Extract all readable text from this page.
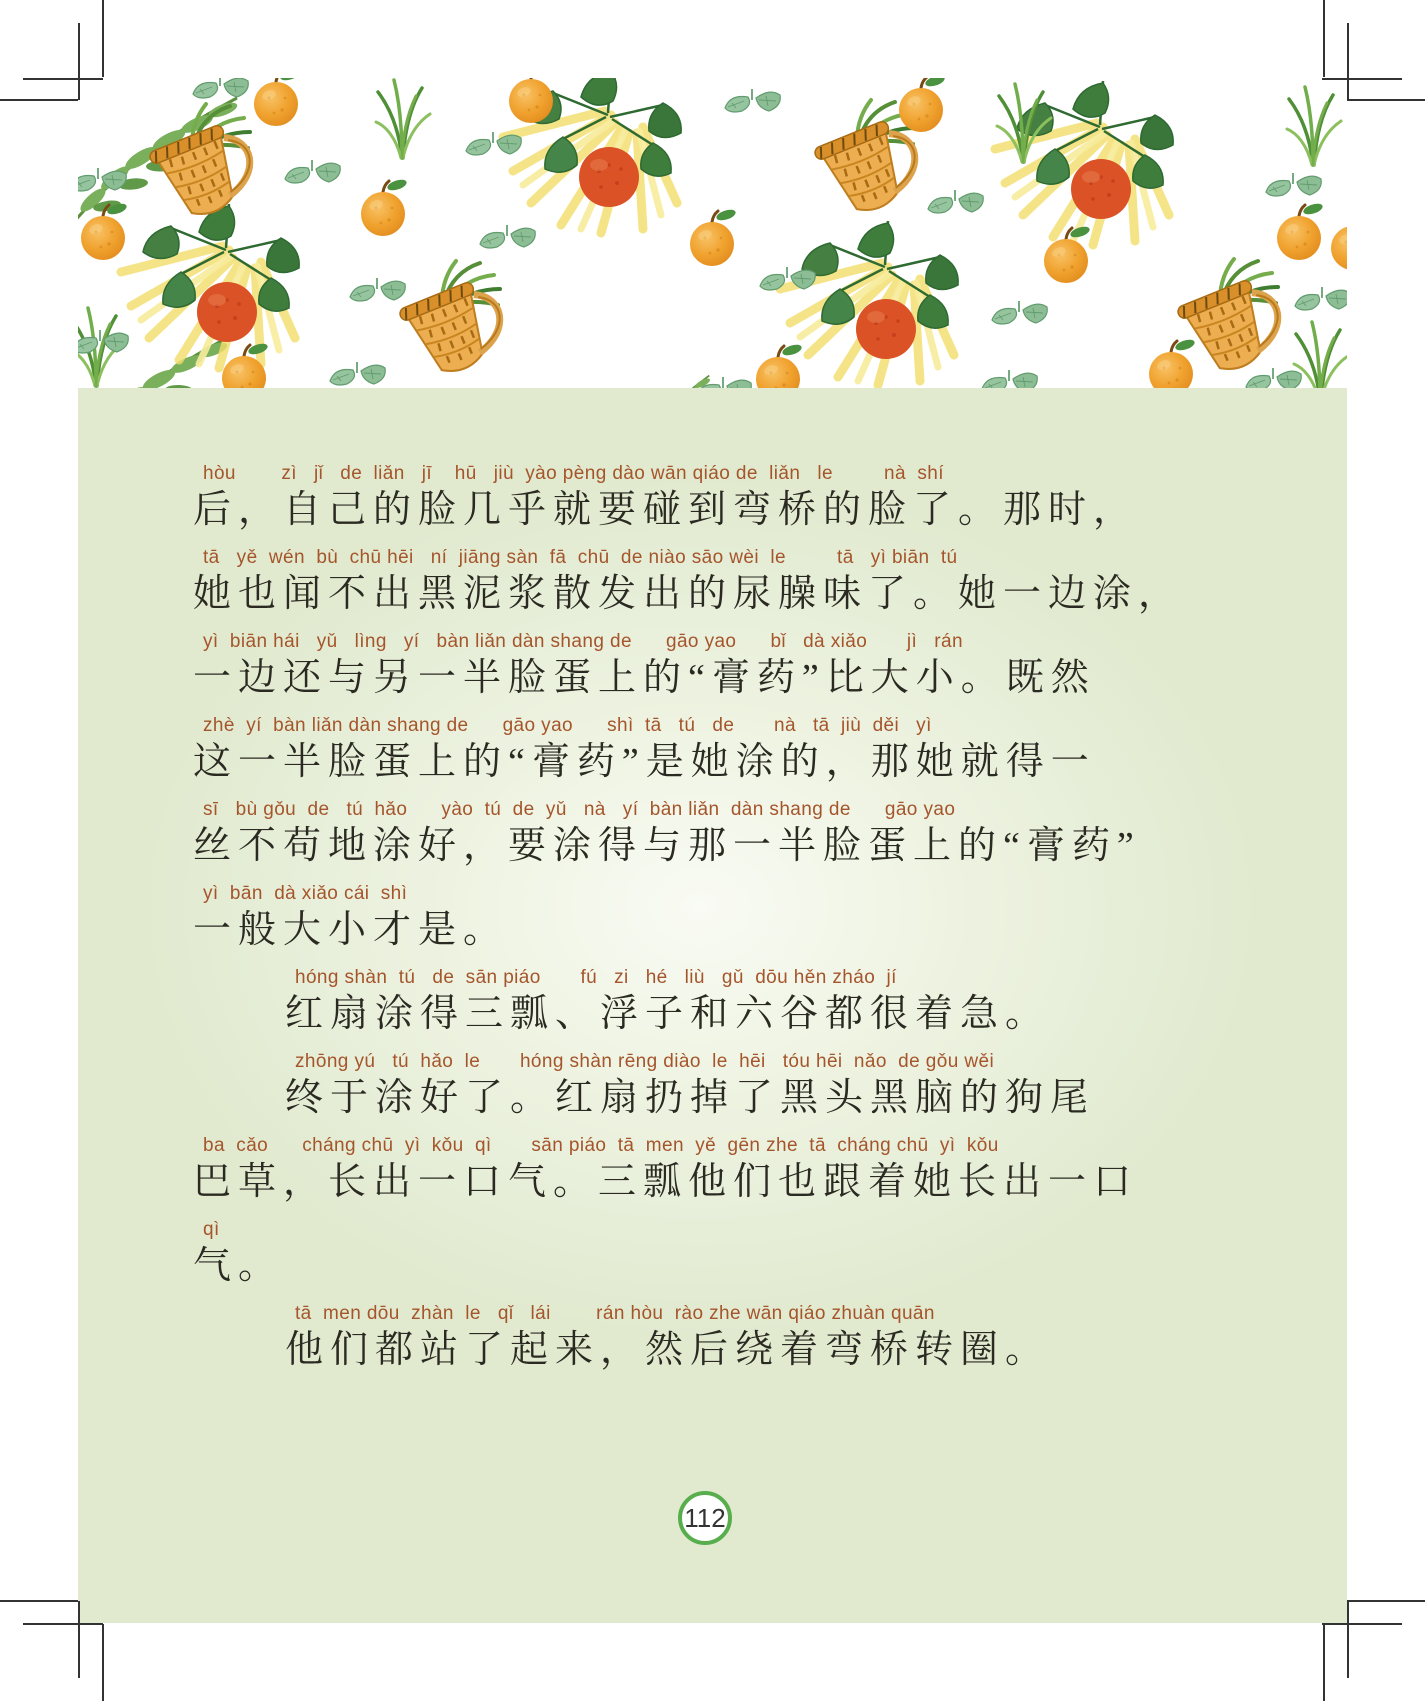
hòu        zì   jǐ   de  liǎn   jī    hū   jiù  yào pèng dào wān qiáo de  liǎn   le         nà  shí
后，自己的脸几乎就要碰到弯桥的脸了。那时，
tā   yě  wén  bù  chū hēi   ní  jiāng sàn  fā  chū  de niào sāo wèi  le         tā   yì biān  tú
她也闻不出黑泥浆散发出的尿臊味了。她一边涂，
yì  biān hái   yǔ   lìng   yí   bàn liǎn dàn shang de      gāo yao      bǐ   dà xiǎo       jì   rán
一边还与另一半脸蛋上的“膏药”比大小。既然
zhè  yí  bàn liǎn dàn shang de      gāo yao      shì  tā   tú   de       nà   tā  jiù  děi   yì
这一半脸蛋上的“膏药”是她涂的，那她就得一
sī   bù gǒu  de   tú  hǎo      yào  tú  de  yǔ   nà   yí  bàn liǎn  dàn shang de      gāo yao
丝不苟地涂好，要涂得与那一半脸蛋上的“膏药”
yì  bān  dà xiǎo cái  shì
一般大小才是。
hóng shàn  tú   de  sān piáo       fú   zi   hé   liù   gǔ  dōu hěn zháo  jí
红扇涂得三瓢、浮子和六谷都很着急。
zhōng yú   tú  hǎo  le       hóng shàn rēng diào  le  hēi   tóu hēi  nǎo  de gǒu wěi
终于涂好了。红扇扔掉了黑头黑脑的狗尾
ba  cǎo      cháng chū  yì  kǒu  qì       sān piáo  tā  men  yě  gēn zhe  tā  cháng chū  yì  kǒu
巴草，长出一口气。三瓢他们也跟着她长出一口
qì
气。
tā  men dōu  zhàn  le   qǐ   lái        rán hòu  rào zhe wān qiáo zhuàn quān
他们都站了起来，然后绕着弯桥转圈。
112
